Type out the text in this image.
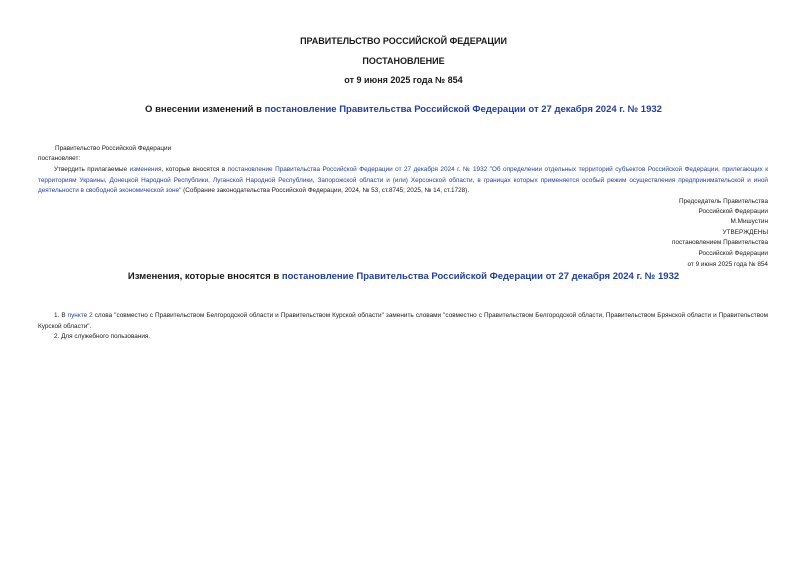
ПРАВИТЕЛЬСТВО РОССИЙСКОЙ ФЕДЕРАЦИИ
ПОСТАНОВЛЕНИЕ
от 9 июня 2025 года № 854
О внесении изменений в постановление Правительства Российской Федерации от 27 декабря 2024 г. № 1932
Правительство Российской Федерации
постановляет:
Утвердить прилагаемые изменения, которые вносятся в постановление Правительства Российской Федерации от 27 декабря 2024 г. № 1932 "Об определении отдельных территорий субъектов Российской Федерации, прилегающих к территориям Украины, Донецкой Народной Республики, Луганской Народной Республики, Запорожской области и (или) Херсонской области, в границах которых применяется особый режим осуществления предпринимательской и иной деятельности в свободной экономической зоне" (Собрание законодательства Российской Федерации, 2024, № 53, ст.8745; 2025, № 14, ст.1728).
Председатель Правительства
Российской Федерации
М.Мишустин
УТВЕРЖДЕНЫ
постановлением Правительства
Российской Федерации
от 9 июня 2025 года № 854
Изменения, которые вносятся в постановление Правительства Российской Федерации от 27 декабря 2024 г. № 1932
1. В пункте 2 слова "совместно с Правительством Белгородской области и Правительством Курской области" заменить словами "совместно с Правительством Белгородской области, Правительством Брянской области и Правительством Курской области".
2. Для служебного пользования.
